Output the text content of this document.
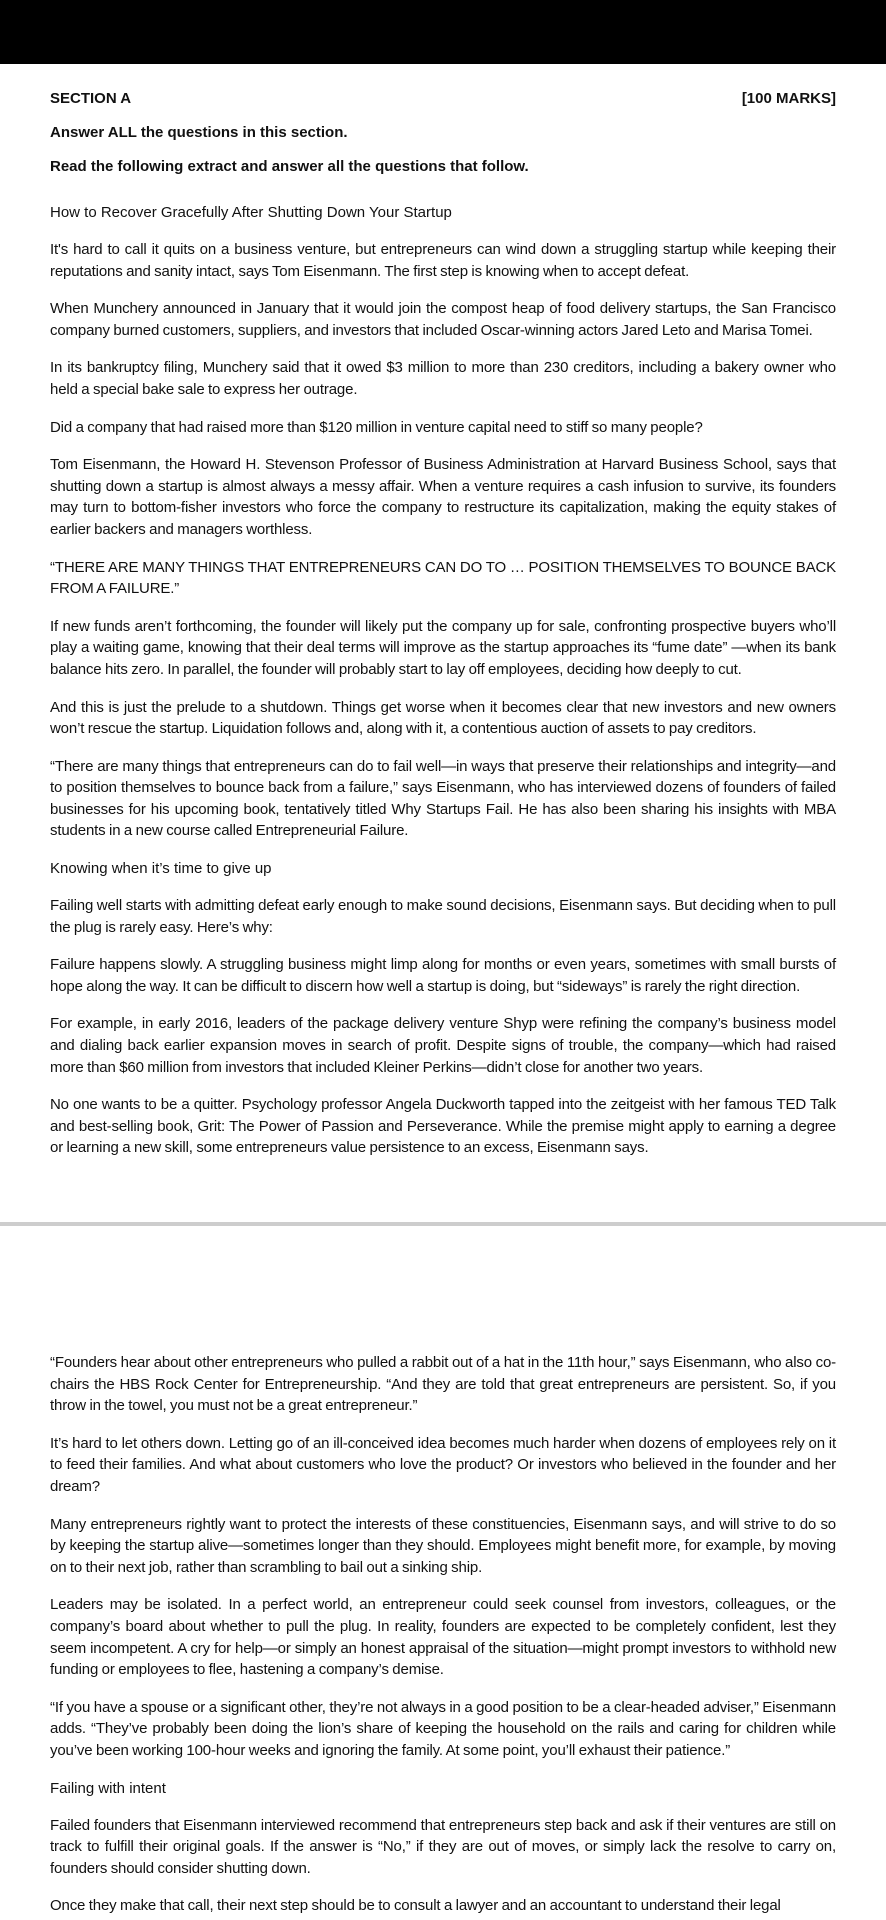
SECTION A	[100 MARKS]

Answer ALL the questions in this section.

Read the following extract and answer all the questions that follow.

How to Recover Gracefully After Shutting Down Your Startup

It's hard to call it quits on a business venture, but entrepreneurs can wind down a struggling startup while keeping their reputations and sanity intact, says Tom Eisenmann. The first step is knowing when to accept defeat.

When Munchery announced in January that it would join the compost heap of food delivery startups, the San Francisco company burned customers, suppliers, and investors that included Oscar-winning actors Jared Leto and Marisa Tomei.

In its bankruptcy filing, Munchery said that it owed $3 million to more than 230 creditors, including a bakery owner who held a special bake sale to express her outrage.

Did a company that had raised more than $120 million in venture capital need to stiff so many people?

Tom Eisenmann, the Howard H. Stevenson Professor of Business Administration at Harvard Business School, says that shutting down a startup is almost always a messy affair. When a venture requires a cash infusion to survive, its founders may turn to bottom-fisher investors who force the company to restructure its capitalization, making the equity stakes of earlier backers and managers worthless.

“THERE ARE MANY THINGS THAT ENTREPRENEURS CAN DO TO … POSITION THEMSELVES TO BOUNCE BACK FROM A FAILURE.”

If new funds aren’t forthcoming, the founder will likely put the company up for sale, confronting prospective buyers who’ll play a waiting game, knowing that their deal terms will improve as the startup approaches its “fume date” —when its bank balance hits zero. In parallel, the founder will probably start to lay off employees, deciding how deeply to cut.

And this is just the prelude to a shutdown. Things get worse when it becomes clear that new investors and new owners won’t rescue the startup. Liquidation follows and, along with it, a contentious auction of assets to pay creditors.

“There are many things that entrepreneurs can do to fail well—in ways that preserve their relationships and integrity—and to position themselves to bounce back from a failure,” says Eisenmann, who has interviewed dozens of founders of failed businesses for his upcoming book, tentatively titled Why Startups Fail. He has also been sharing his insights with MBA students in a new course called Entrepreneurial Failure.

Knowing when it’s time to give up

Failing well starts with admitting defeat early enough to make sound decisions, Eisenmann says. But deciding when to pull the plug is rarely easy. Here’s why:

Failure happens slowly. A struggling business might limp along for months or even years, sometimes with small bursts of hope along the way. It can be difficult to discern how well a startup is doing, but “sideways” is rarely the right direction.

For example, in early 2016, leaders of the package delivery venture Shyp were refining the company’s business model and dialing back earlier expansion moves in search of profit. Despite signs of trouble, the company—which had raised more than $60 million from investors that included Kleiner Perkins—didn’t close for another two years.

No one wants to be a quitter. Psychology professor Angela Duckworth tapped into the zeitgeist with her famous TED Talk and best-selling book, Grit: The Power of Passion and Perseverance. While the premise might apply to earning a degree or learning a new skill, some entrepreneurs value persistence to an excess, Eisenmann says.

“Founders hear about other entrepreneurs who pulled a rabbit out of a hat in the 11th hour,” says Eisenmann, who also co-chairs the HBS Rock Center for Entrepreneurship. “And they are told that great entrepreneurs are persistent. So, if you throw in the towel, you must not be a great entrepreneur.”

It’s hard to let others down. Letting go of an ill-conceived idea becomes much harder when dozens of employees rely on it to feed their families. And what about customers who love the product? Or investors who believed in the founder and her dream?

Many entrepreneurs rightly want to protect the interests of these constituencies, Eisenmann says, and will strive to do so by keeping the startup alive—sometimes longer than they should. Employees might benefit more, for example, by moving on to their next job, rather than scrambling to bail out a sinking ship.

Leaders may be isolated. In a perfect world, an entrepreneur could seek counsel from investors, colleagues, or the company’s board about whether to pull the plug. In reality, founders are expected to be completely confident, lest they seem incompetent. A cry for help—or simply an honest appraisal of the situation—might prompt investors to withhold new funding or employees to flee, hastening a company’s demise.

“If you have a spouse or a significant other, they’re not always in a good position to be a clear-headed adviser,” Eisenmann adds. “They’ve probably been doing the lion’s share of keeping the household on the rails and caring for children while you’ve been working 100-hour weeks and ignoring the family. At some point, you’ll exhaust their patience.”

Failing with intent

Failed founders that Eisenmann interviewed recommend that entrepreneurs step back and ask if their ventures are still on track to fulfill their original goals. If the answer is “No,” if they are out of moves, or simply lack the resolve to carry on, founders should consider shutting down.

Once they make that call, their next step should be to consult a lawyer and an accountant to understand their legal
